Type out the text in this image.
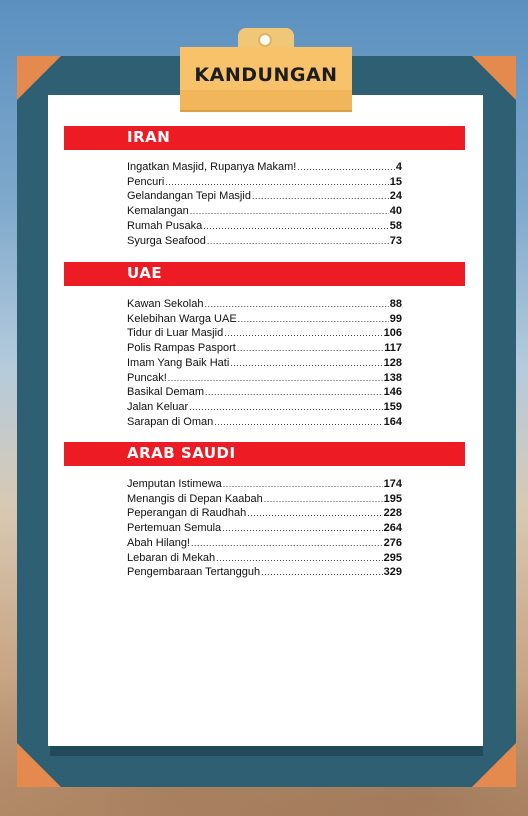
KANDUNGAN
IRAN
Ingatkan Masjid, Rupanya Makam! .....	4
Pencuri .....	15
Gelandangan Tepi Masjid .....	24
Kemalangan .....	40
Rumah Pusaka .....	58
Syurga Seafood .....	73
UAE
Kawan Sekolah .....	88
Kelebihan Warga UAE .....	99
Tidur di Luar Masjid .....	106
Polis Rampas Pasport .....	117
Imam Yang Baik Hati .....	128
Puncak! .....	138
Basikal Demam .....	146
Jalan Keluar .....	159
Sarapan di Oman .....	164
ARAB SAUDI
Jemputan Istimewa .....	174
Menangis di Depan Kaabah .....	195
Peperangan di Raudhah .....	228
Pertemuan Semula .....	264
Abah Hilang! .....	276
Lebaran di Mekah .....	295
Pengembaraan Tertangguh .....	329
